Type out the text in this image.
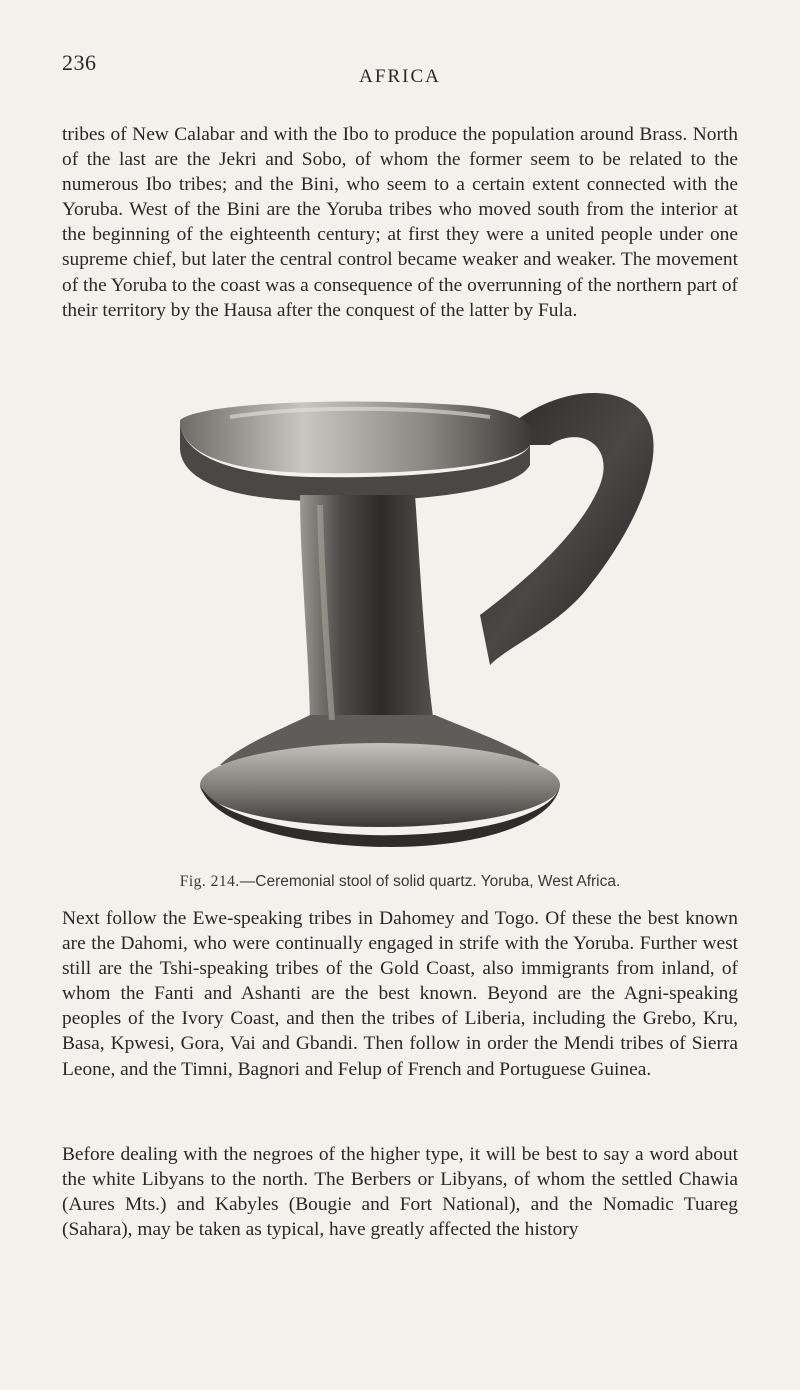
236
AFRICA

tribes of New Calabar and with the Ibo to produce the population around Brass. North of the last are the Jekri and Sobo, of whom the former seem to be related to the numerous Ibo tribes; and the Bini, who seem to a certain extent connected with the Yoruba. West of the Bini are the Yoruba tribes who moved south from the interior at the beginning of the eighteenth century; at first they were a united people under one supreme chief, but later the central control became weaker and weaker. The movement of the Yoruba to the coast was a consequence of the overrunning of the northern part of their territory by the Hausa after the conquest of the latter by Fula.

Fig. 214.—Ceremonial stool of solid quartz. Yoruba, West Africa.

Next follow the Ewe-speaking tribes in Dahomey and Togo. Of these the best known are the Dahomi, who were continually engaged in strife with the Yoruba. Further west still are the Tshi-speaking tribes of the Gold Coast, also immigrants from inland, of whom the Fanti and Ashanti are the best known. Beyond are the Agni-speaking peoples of the Ivory Coast, and then the tribes of Liberia, including the Grebo, Kru, Basa, Kpwesi, Gora, Vai and Gbandi. Then follow in order the Mendi tribes of Sierra Leone, and the Timni, Bagnori and Felup of French and Portuguese Guinea.

Before dealing with the negroes of the higher type, it will be best to say a word about the white Libyans to the north. The Berbers or Libyans, of whom the settled Chawia (Aures Mts.) and Kabyles (Bougie and Fort National), and the Nomadic Tuareg (Sahara), may be taken as typical, have greatly affected the history
